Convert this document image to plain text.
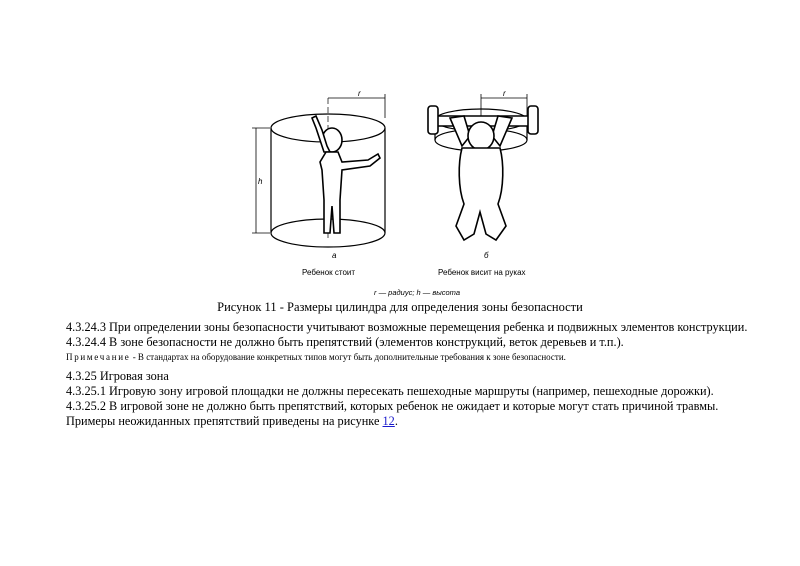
r
h
r
а	б
Ребенок стоит	Ребенок висит на руках
r — радиус; h — высота
Рисунок 11 - Размеры цилиндра для определения зоны безопасности
4.3.24.3 При определении зоны безопасности учитывают возможные перемещения ребенка и подвижных элементов конструкции.
4.3.24.4 В зоне безопасности не должно быть препятствий (элементов конструкций, веток деревьев и т.п.).
Примечание - В стандартах на оборудование конкретных типов могут быть дополнительные требования к зоне безопасности.
4.3.25 Игровая зона
4.3.25.1 Игровую зону игровой площадки не должны пересекать пешеходные маршруты (например, пешеходные дорожки).
4.3.25.2 В игровой зоне не должно быть препятствий, которых ребенок не ожидает и которые могут стать причиной травмы.
Примеры неожиданных препятствий приведены на рисунке 12.
